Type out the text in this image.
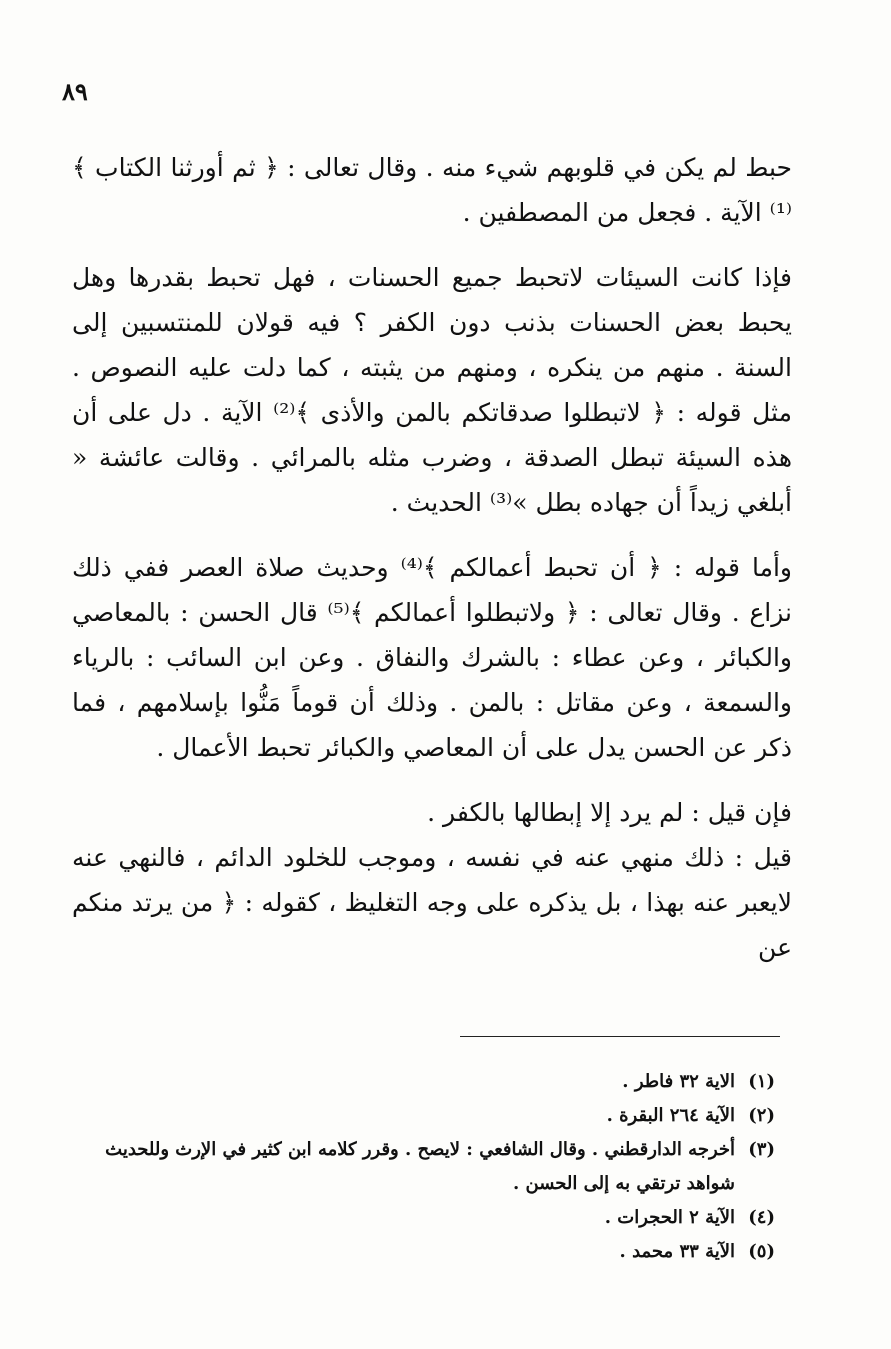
٨٩

حبط لم يكن في قلوبهم شيء منه . وقال تعالى : ﴿ ثم أورثنا الكتاب ﴾⁽¹⁾ الآية . فجعل من المصطفين .

فإذا كانت السيئات لاتحبط جميع الحسنات ، فهل تحبط بقدرها وهل يحبط بعض الحسنات بذنب دون الكفر ؟ فيه قولان للمنتسبين إلى السنة . منهم من ينكره ، ومنهم من يثبته ، كما دلت عليه النصوص . مثل قوله : ﴿ لاتبطلوا صدقاتكم بالمن والأذى ﴾⁽²⁾ الآية . دل على أن هذه السيئة تبطل الصدقة ، وضرب مثله بالمرائي . وقالت عائشة « أبلغي زيداً أن جهاده بطل »⁽³⁾ الحديث .

وأما قوله : ﴿ أن تحبط أعمالكم ﴾⁽⁴⁾ وحديث صلاة العصر ففي ذلك نزاع . وقال تعالى : ﴿ ولاتبطلوا أعمالكم ﴾⁽⁵⁾ قال الحسن : بالمعاصي والكبائر ، وعن عطاء : بالشرك والنفاق . وعن ابن السائب : بالرياء والسمعة ، وعن مقاتل : بالمن . وذلك أن قوماً مَنُّوا بإسلامهم ، فما ذكر عن الحسن يدل على أن المعاصي والكبائر تحبط الأعمال .

فإن قيل : لم يرد إلا إبطالها بالكفر .

قيل : ذلك منهي عنه في نفسه ، وموجب للخلود الدائم ، فالنهي عنه لايعبر عنه بهذا ، بل يذكره على وجه التغليظ ، كقوله : ﴿ من يرتد منكم عن

(١)
الاية ٣٢ فاطر .
(٢)
الآية ٢٦٤ البقرة .
(٣)
أخرجه الدارقطني . وقال الشافعي : لايصح . وقرر كلامه ابن كثير في الإرث وللحديث شواهد ترتقي به إلى الحسن .
(٤)
الآية ٢ الحجرات .
(٥)
الآية ٣٣ محمد .
